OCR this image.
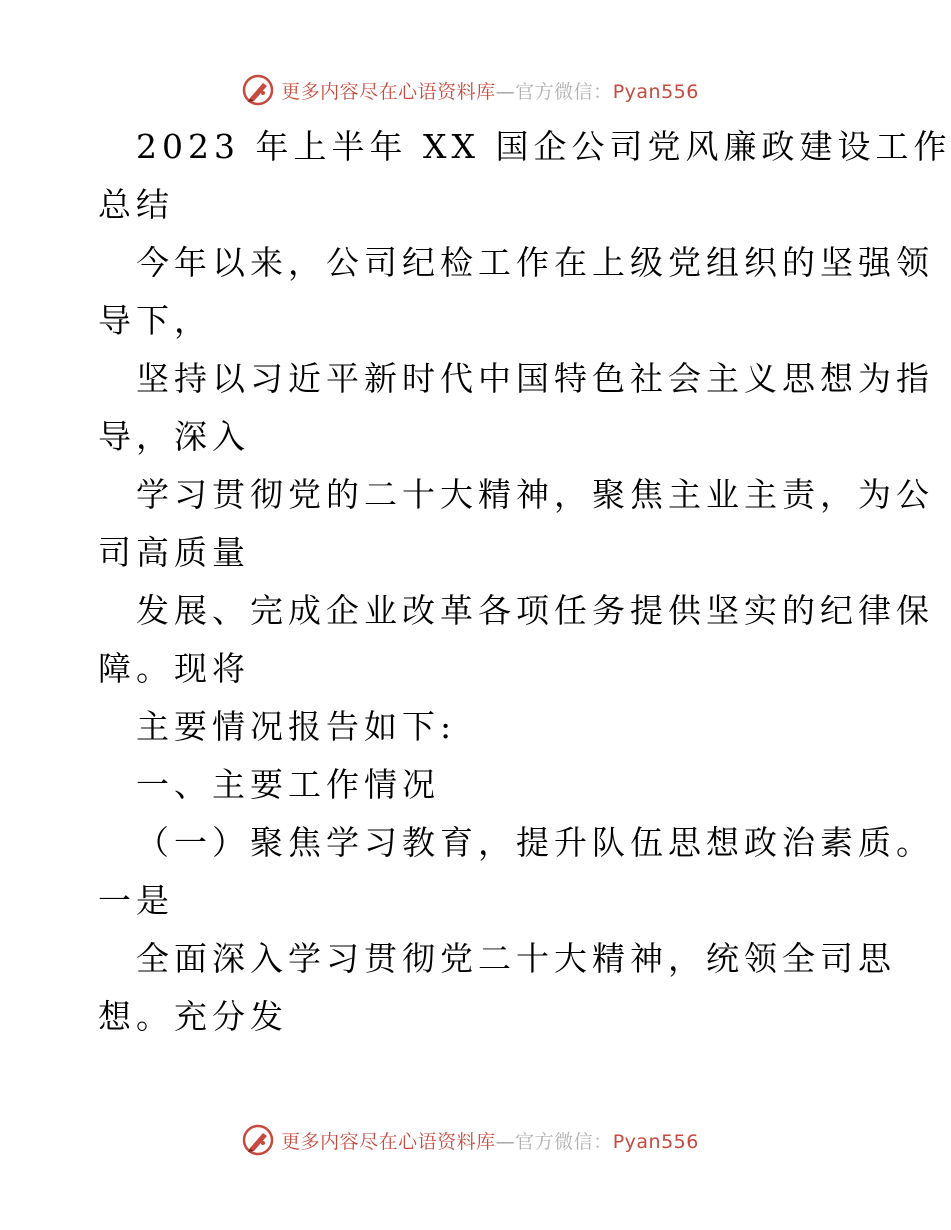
更多内容尽在心语资料库—官方微信：Pyan556
2023 年上半年 XX 国企公司党风廉政建设工作
总结
今年以来，公司纪检工作在上级党组织的坚强领
导下，
坚持以习近平新时代中国特色社会主义思想为指
导，深入
学习贯彻党的二十大精神，聚焦主业主责，为公
司高质量
发展、完成企业改革各项任务提供坚实的纪律保
障。现将
主要情况报告如下:
一、主要工作情况
（一）聚焦学习教育，提升队伍思想政治素质。
一是
全面深入学习贯彻党二十大精神，统领全司思
想。充分发
更多内容尽在心语资料库—官方微信：Pyan556
